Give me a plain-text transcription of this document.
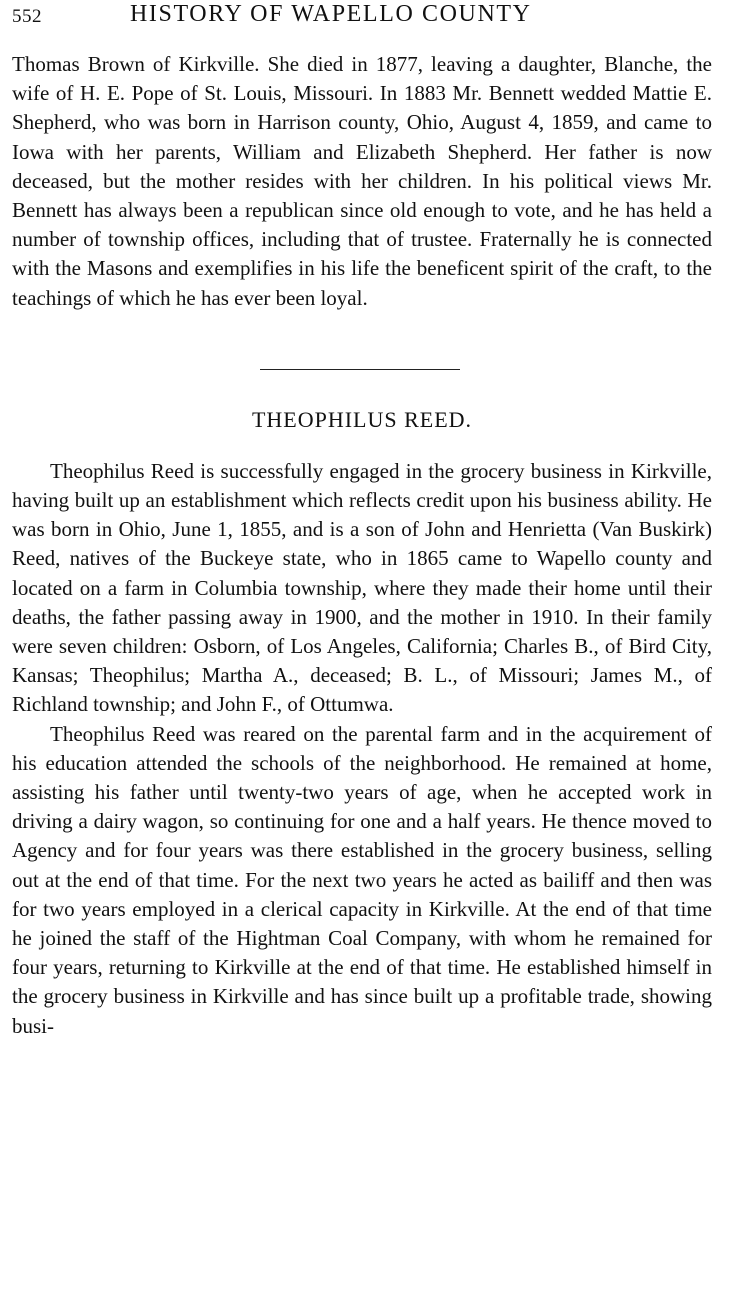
552	HISTORY OF WAPELLO COUNTY

Thomas Brown of Kirkville. She died in 1877, leaving a daughter, Blanche, the wife of H. E. Pope of St. Louis, Missouri. In 1883 Mr. Bennett wedded Mattie E. Shepherd, who was born in Harrison county, Ohio, August 4, 1859, and came to Iowa with her parents, William and Elizabeth Shepherd. Her father is now deceased, but the mother resides with her children. In his political views Mr. Bennett has always been a republican since old enough to vote, and he has held a number of township offices, including that of trustee. Fraternally he is connected with the Masons and exemplifies in his life the beneficent spirit of the craft, to the teachings of which he has ever been loyal.

THEOPHILUS REED.

Theophilus Reed is successfully engaged in the grocery business in Kirkville, having built up an establishment which reflects credit upon his business ability. He was born in Ohio, June 1, 1855, and is a son of John and Henrietta (Van Buskirk) Reed, natives of the Buckeye state, who in 1865 came to Wapello county and located on a farm in Columbia township, where they made their home until their deaths, the father passing away in 1900, and the mother in 1910. In their family were seven children: Osborn, of Los Angeles, California; Charles B., of Bird City, Kansas; Theophilus; Martha A., deceased; B. L., of Missouri; James M., of Richland township; and John F., of Ottumwa.

Theophilus Reed was reared on the parental farm and in the acquirement of his education attended the schools of the neighborhood. He remained at home, assisting his father until twenty-two years of age, when he accepted work in driving a dairy wagon, so continuing for one and a half years. He thence moved to Agency and for four years was there established in the grocery business, selling out at the end of that time. For the next two years he acted as bailiff and then was for two years employed in a clerical capacity in Kirkville. At the end of that time he joined the staff of the Hightman Coal Company, with whom he remained for four years, returning to Kirkville at the end of that time. He established himself in the grocery business in Kirkville and has since built up a profitable trade, showing busi-
